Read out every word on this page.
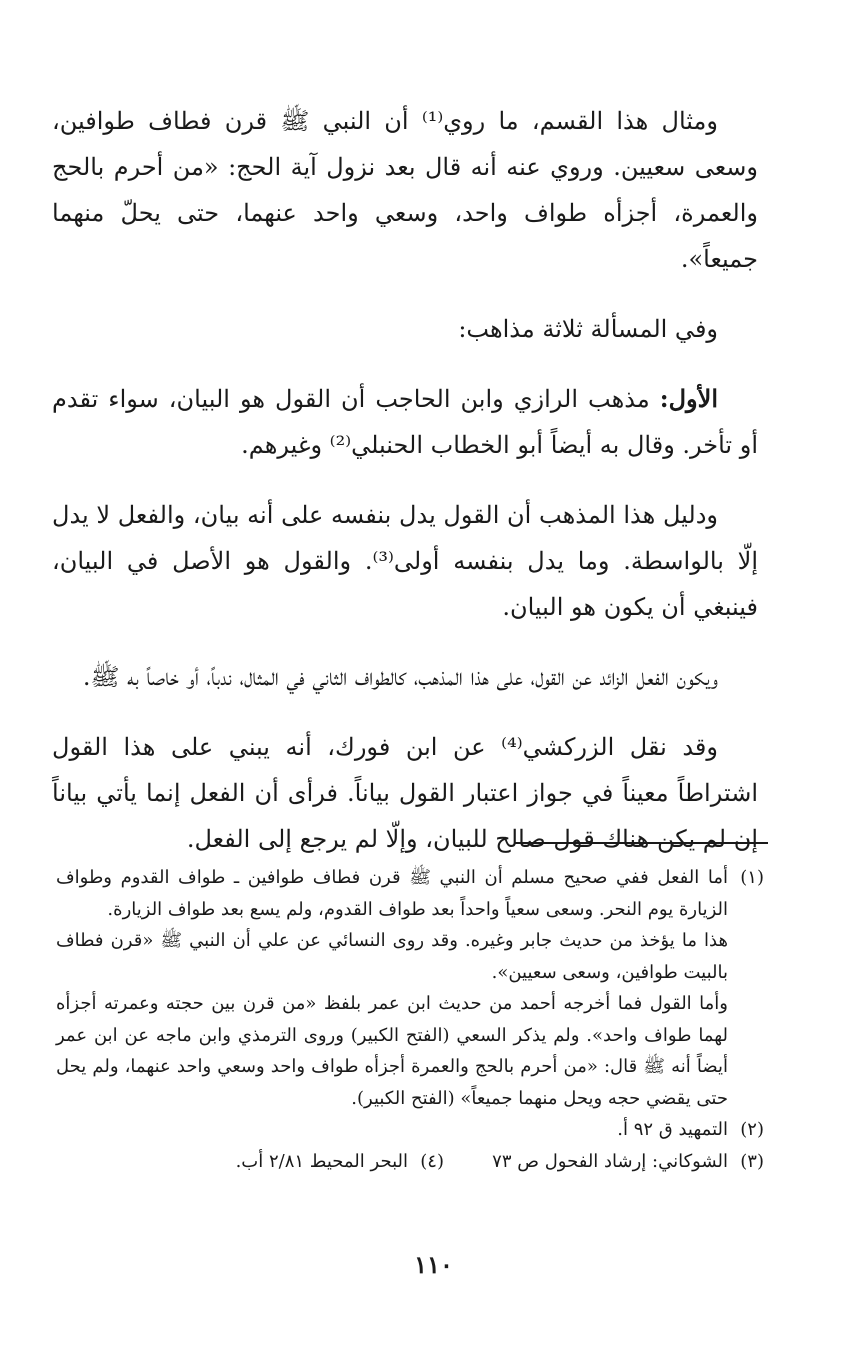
ومثال هذا القسم، ما روي⁽¹⁾ أن النبي ﷺ قرن فطاف طوافين، وسعى سعيين. وروي عنه أنه قال بعد نزول آية الحج: «من أحرم بالحج والعمرة، أجزأه طواف واحد، وسعي واحد عنهما، حتى يحلّ منهما جميعاً».

وفي المسألة ثلاثة مذاهب:

الأول: مذهب الرازي وابن الحاجب أن القول هو البيان، سواء تقدم أو تأخر. وقال به أيضاً أبو الخطاب الحنبلي⁽²⁾ وغيرهم.

ودليل هذا المذهب أن القول يدل بنفسه على أنه بيان، والفعل لا يدل إلّا بالواسطة. وما يدل بنفسه أولى⁽³⁾. والقول هو الأصل في البيان، فينبغي أن يكون هو البيان.

ويكون الفعل الزائد عن القول، على هذا المذهب، كالطواف الثاني في المثال، ندباً، أو خاصاً به ﷺ.

وقد نقل الزركشي⁽⁴⁾ عن ابن فورك، أنه يبني على هذا القول اشتراطاً معيناً في جواز اعتبار القول بياناً. فرأى أن الفعل إنما يأتي بياناً إن لم يكن هناك قول صالح للبيان، وإلّا لم يرجع إلى الفعل.

(١)
أما الفعل ففي صحيح مسلم أن النبي ﷺ قرن فطاف طوافين ـ طواف القدوم وطواف الزيارة يوم النحر. وسعى سعياً واحداً بعد طواف القدوم، ولم يسع بعد طواف الزيارة.
هذا ما يؤخذ من حديث جابر وغيره. وقد روى النسائي عن علي أن النبي ﷺ «قرن فطاف بالبيت طوافين، وسعى سعيين».
وأما القول فما أخرجه أحمد من حديث ابن عمر بلفظ «من قرن بين حجته وعمرته أجزأه لهما طواف واحد». ولم يذكر السعي (الفتح الكبير) وروى الترمذي وابن ماجه عن ابن عمر أيضاً أنه ﷺ قال: «من أحرم بالحج والعمرة أجزأه طواف واحد وسعي واحد عنهما، ولم يحل حتى يقضي حجه ويحل منهما جميعاً» (الفتح الكبير).
(٢)
التمهيد ق ٩٢ أ.
(٣)
الشوكاني: إرشاد الفحول ص ٧٣
(٤)
البحر المحيط ٢/٨١ أب.
١١٠
